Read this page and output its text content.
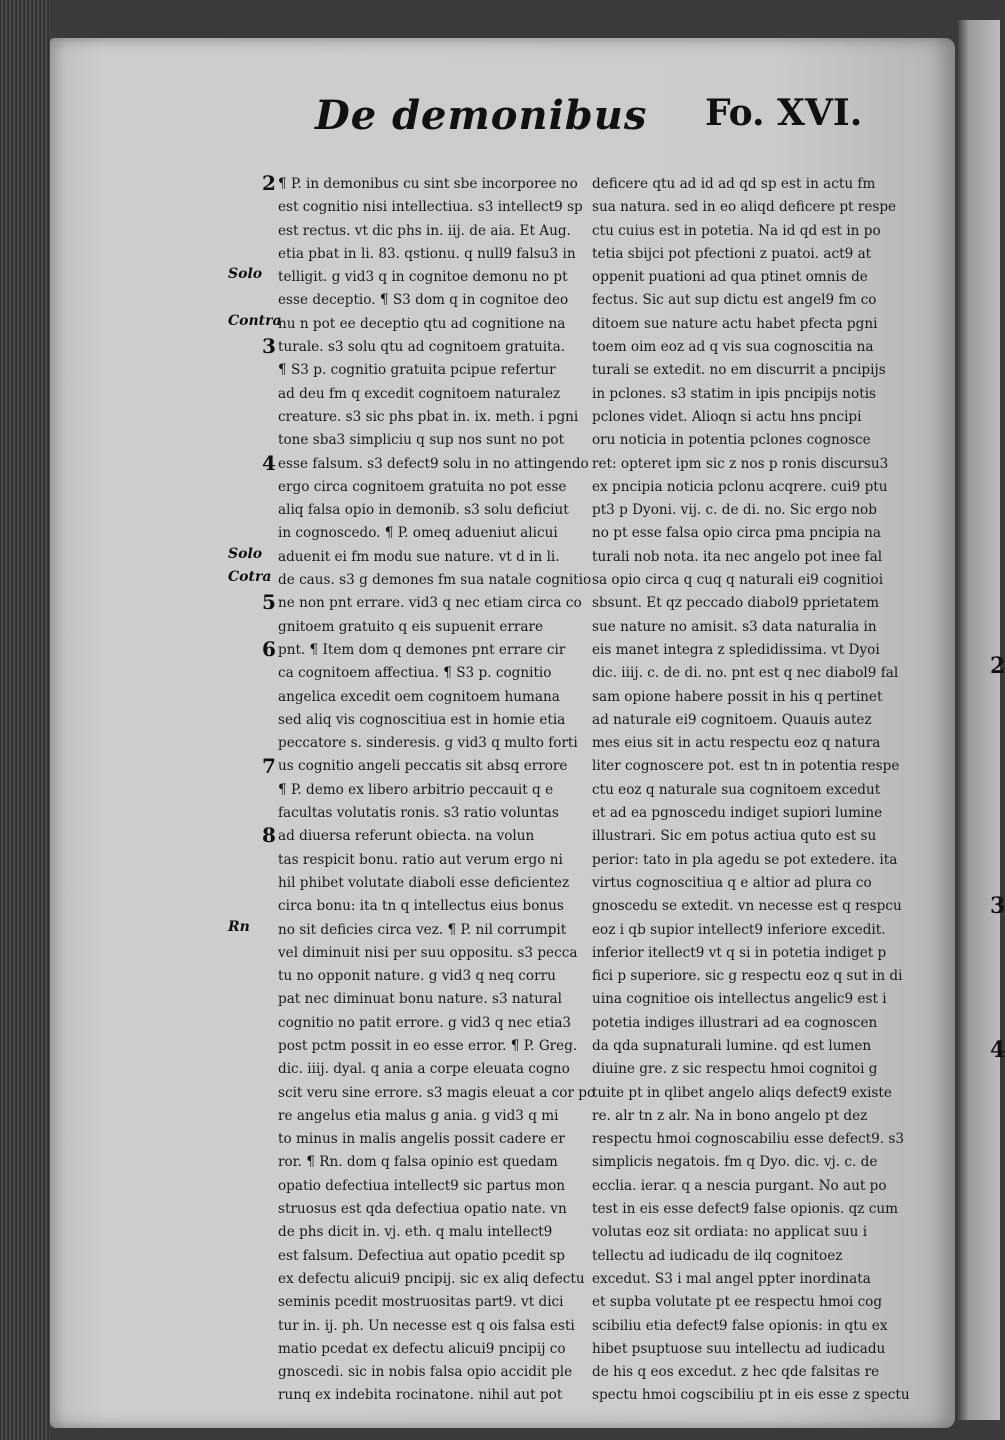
De demonibus Fo. XVI.
¶ P. in demonibus cu sint sbe incorporee no
est cognitio nisi intellectiua. s3 intellect9 sp
est rectus. vt dic phs in. iij. de aia. Et Aug.
etia pbat in li. 83. qstionu. q null9 falsu3 in
telligit. g vid3 q in cognitoe demonu no pt
esse deceptio. ¶ S3 dom q in cognitoe deo
nu n pot ee deceptio qtu ad cognitione na
turale. s3 solu qtu ad cognitoem gratuita.
¶ S3 p. cognitio gratuita pcipue refertur
ad deu fm q excedit cognitoem naturalez
creature. s3 sic phs pbat in. ix. meth. i pgni
tone sba3 simpliciu q sup nos sunt no pot
esse falsum. s3 defect9 solu in no attingendo
ergo circa cognitoem gratuita no pot esse
aliq falsa opio in demonib. s3 solu deficiut
in cognoscedo. ¶ P. omeq adueniut alicui
aduenit ei fm modu sue nature. vt d in li.
de caus. s3 g demones fm sua natale cognitio
ne non pnt errare. vid3 q nec etiam circa co
gnitoem gratuito q eis supuenit errare
pnt. ¶ Item dom q demones pnt errare cir
ca cognitoem affectiua. ¶ S3 p. cognitio
angelica excedit oem cognitoem humana
sed aliq vis cognoscitiua est in homie etia
peccatore s. sinderesis. g vid3 q multo forti
us cognitio angeli peccatis sit absq errore
¶ P. demo ex libero arbitrio peccauit q e
facultas volutatis ronis. s3 ratio voluntas
ad diuersa referunt obiecta. na volun
tas respicit bonu. ratio aut verum ergo ni
hil phibet volutate diaboli esse deficientez
circa bonu: ita tn q intellectus eius bonus
no sit deficies circa vez. ¶ P. nil corrumpit
vel diminuit nisi per suu oppositu. s3 pecca
tu no opponit nature. g vid3 q neq corru
pat nec diminuat bonu nature. s3 natural
cognitio no patit errore. g vid3 q nec etia3
post pctm possit in eo esse error. ¶ P. Greg.
dic. iiij. dyal. q ania a corpe eleuata cogno
scit veru sine errore. s3 magis eleuat a cor po
re angelus etia malus g ania. g vid3 q mi
to minus in malis angelis possit cadere er
ror. ¶ Rn. dom q falsa opinio est quedam
opatio defectiua intellect9 sic partus mon
struosus est qda defectiua opatio nate. vn
de phs dicit in. vj. eth. q malu intellect9
est falsum. Defectiua aut opatio pcedit sp
ex defectu alicui9 pncipij. sic ex aliq defectu
seminis pcedit mostruositas part9. vt dici
tur in. ij. ph. Un necesse est q ois falsa esti
matio pcedat ex defectu alicui9 pncipij co
gnoscedi. sic in nobis falsa opio accidit ple
runq ex indebita rocinatone. nihil aut pot
deficere qtu ad id ad qd sp est in actu fm
sua natura. sed in eo aliqd deficere pt respe
ctu cuius est in potetia. Na id qd est in po
tetia sbijci pot pfectioni z puatoi. act9 at
oppenit puationi ad qua ptinet omnis de
fectus. Sic aut sup dictu est angel9 fm co
ditoem sue nature actu habet pfecta pgni
toem oim eoz ad q vis sua cognoscitia na
turali se extedit. no em discurrit a pncipijs
in pclones. s3 statim in ipis pncipijs notis
pclones videt. Alioqn si actu hns pncipi
oru noticia in potentia pclones cognosce
ret: opteret ipm sic z nos p ronis discursu3
ex pncipia noticia pclonu acqrere. cui9 ptu
pt3 p Dyoni. vij. c. de di. no. Sic ergo nob
no pt esse falsa opio circa pma pncipia na
turali nob nota. ita nec angelo pot inee fal
sa opio circa q cuq q naturali ei9 cognitioi
sbsunt. Et qz peccado diabol9 pprietatem
sue nature no amisit. s3 data naturalia in
eis manet integra z spledidissima. vt Dyoi
dic. iiij. c. de di. no. pnt est q nec diabol9 fal
sam opione habere possit in his q pertinet
ad naturale ei9 cognitoem. Quauis autez
mes eius sit in actu respectu eoz q natura
liter cognoscere pot. est tn in potentia respe
ctu eoz q naturale sua cognitoem excedut
et ad ea pgnoscedu indiget supiori lumine
illustrari. Sic em potus actiua quto est su
perior: tato in pla agedu se pot extedere. ita
virtus cognoscitiua q e altior ad plura co
gnoscedu se extedit. vn necesse est q respcu
eoz i qb supior intellect9 inferiore excedit.
inferior itellect9 vt q si in potetia indiget p
fici p superiore. sic g respectu eoz q sut in di
uina cognitioe ois intellectus angelic9 est i
potetia indiges illustrari ad ea cognoscen
da qda supnaturali lumine. qd est lumen
diuine gre. z sic respectu hmoi cognitoi g
tuite pt in qlibet angelo aliqs defect9 existe
re. alr tn z alr. Na in bono angelo pt dez
respectu hmoi cognoscabiliu esse defect9. s3
simplicis negatois. fm q Dyo. dic. vj. c. de
ecclia. ierar. q a nescia purgant. No aut po
test in eis esse defect9 false opionis. qz cum
volutas eoz sit ordiata: no applicat suu i
tellectu ad iudicadu de ilq cognitoez
excedut. S3 i mal angel ppter inordinata
et supba volutate pt ee respectu hmoi cog
scibiliu etia defect9 false opionis: in qtu ex
hibet psuptuose suu intellectu ad iudicadu
de his q eos excedut. z hec qde falsitas re
spectu hmoi cogscibiliu pt in eis esse z spectu
2
Solo
Contra
3
4
Solo
Cotra
5
6
7
8
Rn
2
3
4
